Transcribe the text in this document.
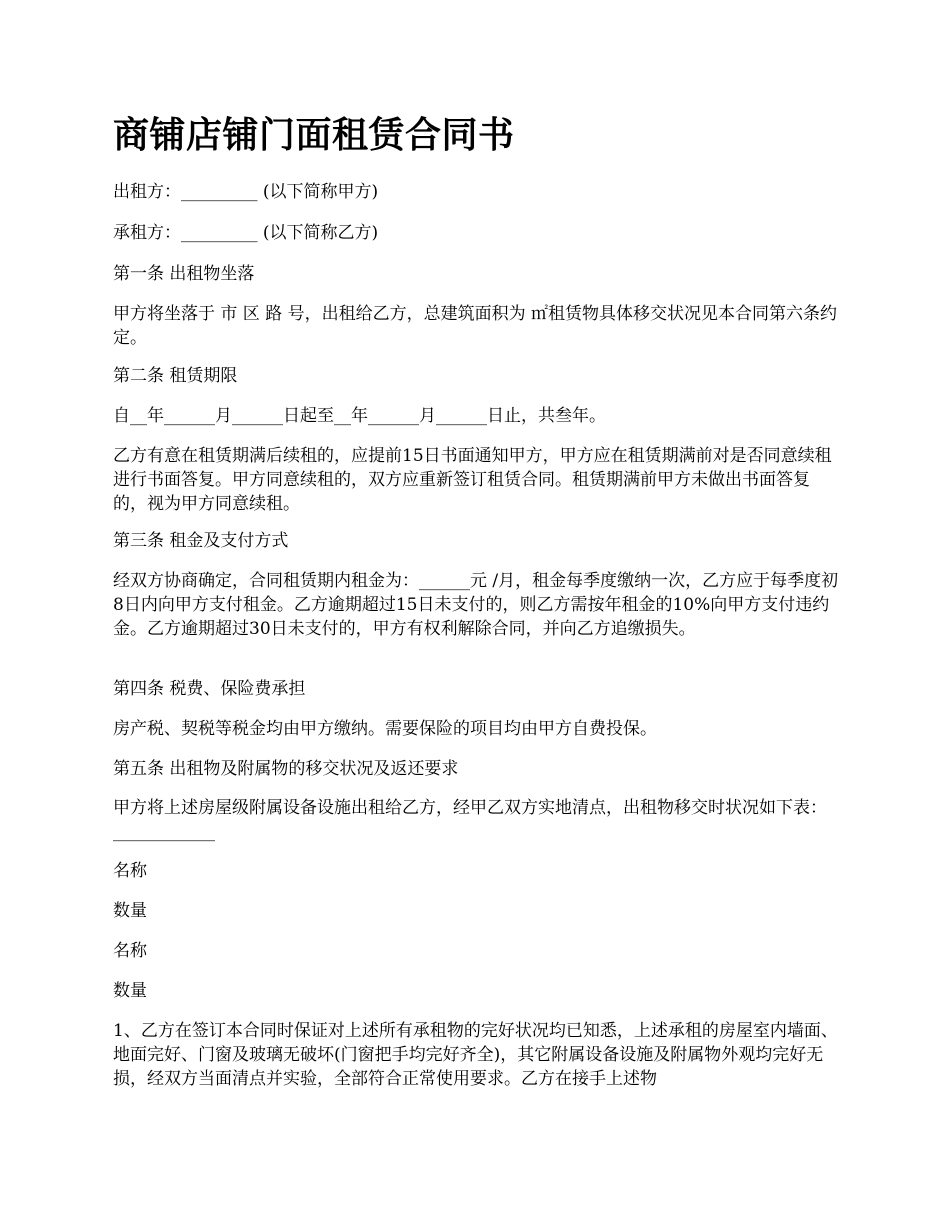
商铺店铺门面租赁合同书

出租方：_________ (以下简称甲方)

承租方：_________ (以下简称乙方)

第一条 出租物坐落

甲方将坐落于 市 区 路 号，出租给乙方，总建筑面积为 ㎡租赁物具体移交状况见本合同第六条约定。

第二条 租赁期限

自__年______月______日起至__年______月______日止，共叁年。

乙方有意在租赁期满后续租的，应提前15日书面通知甲方，甲方应在租赁期满前对是否同意续租进行书面答复。甲方同意续租的，双方应重新签订租赁合同。租赁期满前甲方未做出书面答复的，视为甲方同意续租。

第三条 租金及支付方式

经双方协商确定，合同租赁期内租金为：______元 /月，租金每季度缴纳一次，乙方应于每季度初8日内向甲方支付租金。乙方逾期超过15日未支付的，则乙方需按年租金的10%向甲方支付违约金。乙方逾期超过30日未支付的，甲方有权利解除合同，并向乙方追缴损失。

第四条 税费、保险费承担

房产税、契税等税金均由甲方缴纳。需要保险的项目均由甲方自费投保。

第五条 出租物及附属物的移交状况及返还要求

甲方将上述房屋级附属设备设施出租给乙方，经甲乙双方实地清点，出租物移交时状况如下表：____________

名称

数量

名称

数量

1、乙方在签订本合同时保证对上述所有承租物的完好状况均已知悉，上述承租的房屋室内墙面、地面完好、门窗及玻璃无破坏(门窗把手均完好齐全)，其它附属设备设施及附属物外观均完好无损，经双方当面清点并实验，全部符合正常使用要求。乙方在接手上述物
